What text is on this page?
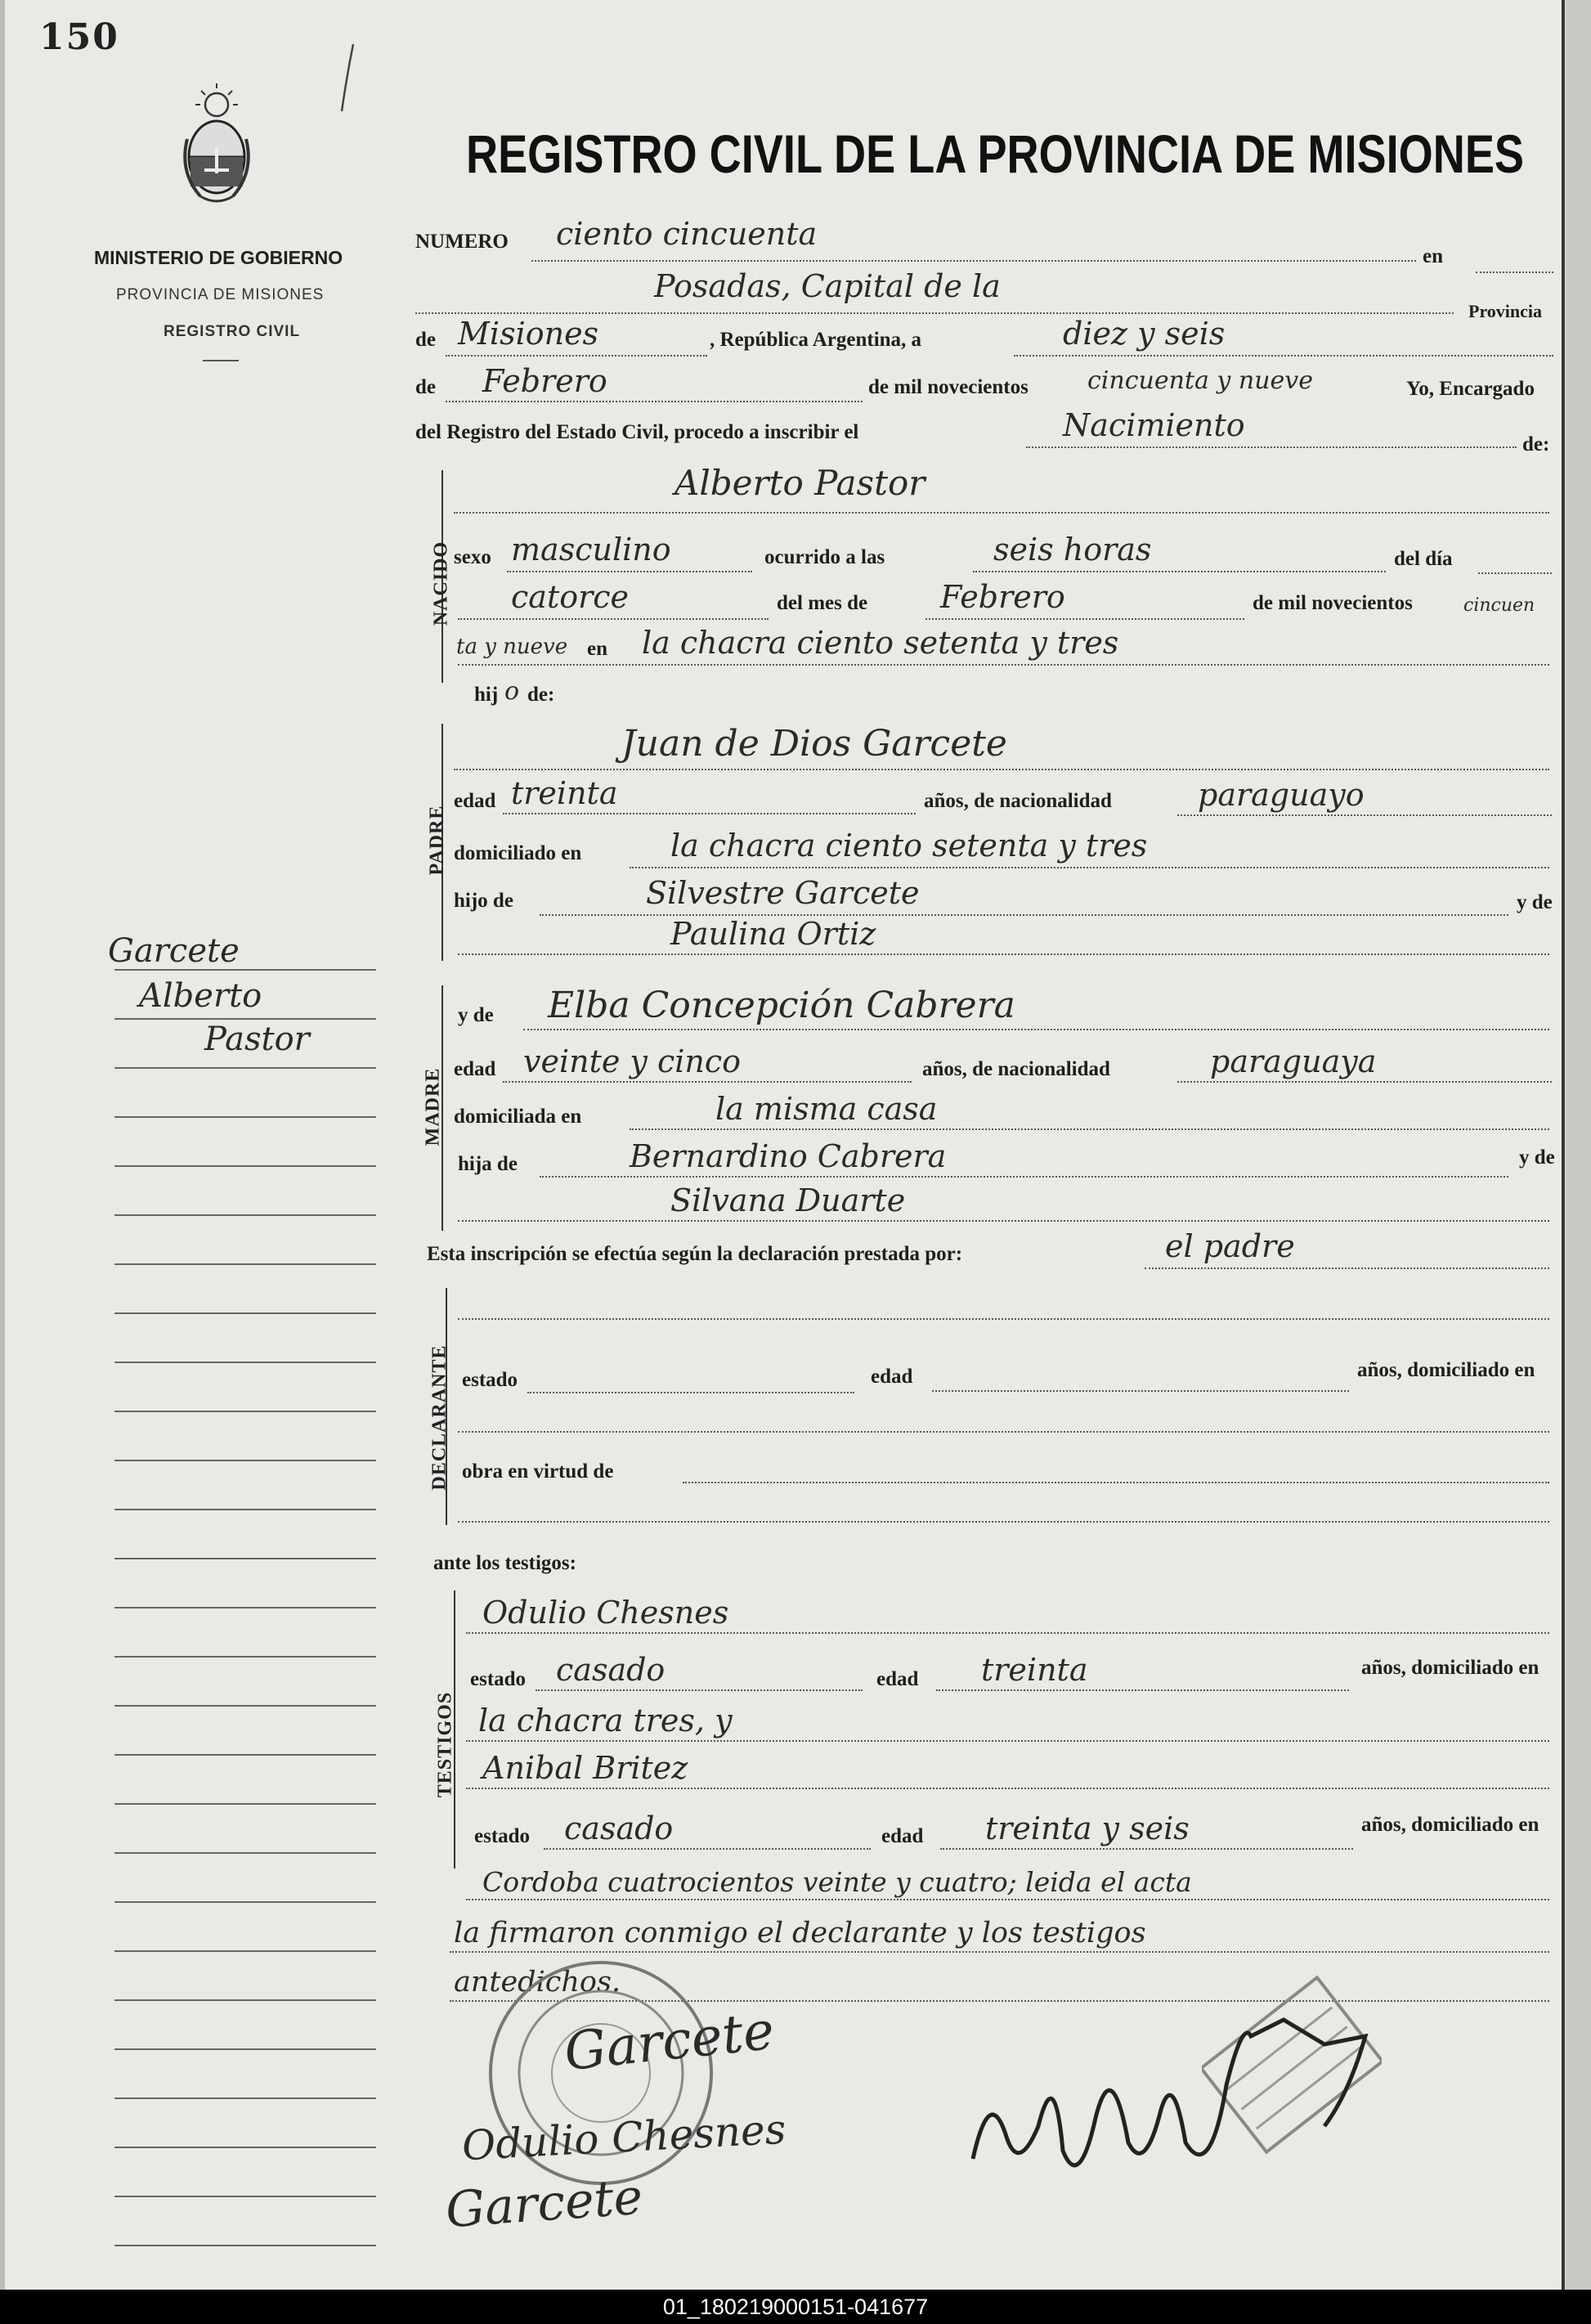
150
MINISTERIO DE GOBIERNO
PROVINCIA DE MISIONES
REGISTRO CIVIL
REGISTRO CIVIL DE LA PROVINCIA DE MISIONES
Garcete
Alberto
Pastor
NUMERO ciento cincuenta
en
Posadas, Capital de la
Provincia
de Misiones	, República Argentina, a	diez y seis
de Febrero	de mil novecientos cincuenta y nueve	Yo, Encargado
del Registro del Estado Civil, procedo a inscribir el	Nacimiento
de:
NACIDO
Alberto Pastor
sexo masculino	ocurrido a las	seis horas	del día
catorce	del mes de Febrero	de mil novecientos	cincuen
ta y nueve en la chacra ciento setenta y tres
hij o de:
PADRE
Juan de Dios Garcete
edad treinta	años, de nacionalidad	paraguayo
domiciliado en	la chacra ciento setenta y tres
hijo de	Silvestre Garcete	y de
Paulina Ortiz
MADRE
y de Elba Concepción Cabrera
edad veinte y cinco	años, de nacionalidad	paraguaya
domiciliada en	la misma casa
hija de	Bernardino Cabrera	y de
Silvana Duarte
Esta inscripción se efectúa según la declaración prestada por:	el padre
DECLARANTE estado	edad	años, domiciliado en
obra en virtud de
ante los testigos:
TESTIGOS
Odulio Chesnes
estado casado	edad treinta	años, domiciliado en
la chacra tres, y
Anibal Britez
estado casado	edad treinta y seis	años, domiciliado en
Cordoba cuatrocientos veinte y cuatro; leida el acta
la firmaron conmigo el declarante y los testigos
antedichos.
Garcete
Odulio Chesnes
Garcete
01_180219000151-041677
